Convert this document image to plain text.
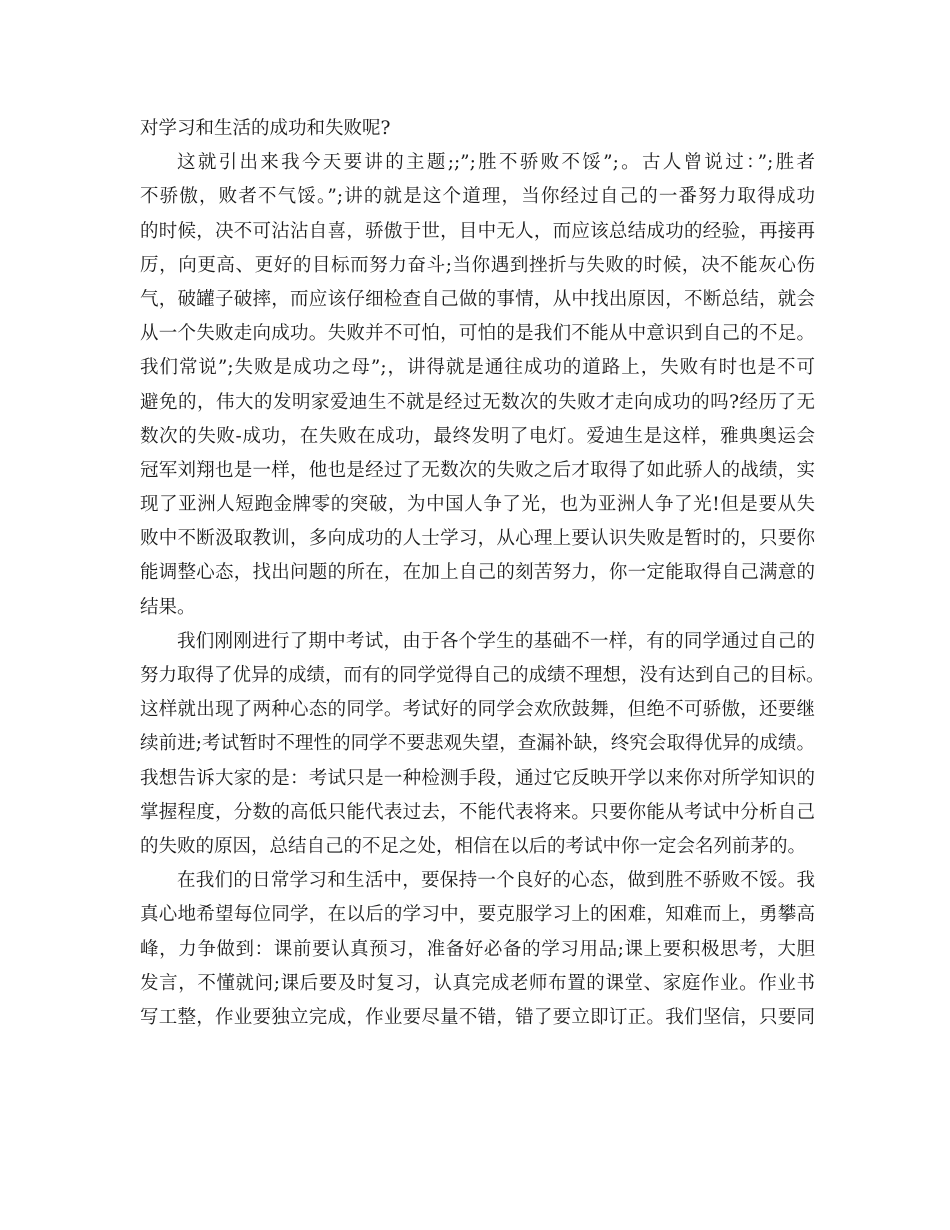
对学习和生活的成功和失败呢?
这就引出来我今天要讲的主题;;”;胜不骄败不馁”;。古人曾说过：”;胜者
不骄傲，败者不气馁。”;讲的就是这个道理，当你经过自己的一番努力取得成功
的时候，决不可沾沾自喜，骄傲于世，目中无人，而应该总结成功的经验，再接再
厉，向更高、更好的目标而努力奋斗;当你遇到挫折与失败的时候，决不能灰心伤
气，破罐子破摔，而应该仔细检查自己做的事情，从中找出原因，不断总结，就会
从一个失败走向成功。失败并不可怕，可怕的是我们不能从中意识到自己的不足。
我们常说”;失败是成功之母”;，讲得就是通往成功的道路上，失败有时也是不可
避免的，伟大的发明家爱迪生不就是经过无数次的失败才走向成功的吗?经历了无
数次的失败-成功，在失败在成功，最终发明了电灯。爱迪生是这样，雅典奥运会
冠军刘翔也是一样，他也是经过了无数次的失败之后才取得了如此骄人的战绩，实
现了亚洲人短跑金牌零的突破，为中国人争了光，也为亚洲人争了光!但是要从失
败中不断汲取教训，多向成功的人士学习，从心理上要认识失败是暂时的，只要你
能调整心态，找出问题的所在，在加上自己的刻苦努力，你一定能取得自己满意的
结果。
我们刚刚进行了期中考试，由于各个学生的基础不一样，有的同学通过自己的
努力取得了优异的成绩，而有的同学觉得自己的成绩不理想，没有达到自己的目标。
这样就出现了两种心态的同学。考试好的同学会欢欣鼓舞，但绝不可骄傲，还要继
续前进;考试暂时不理性的同学不要悲观失望，查漏补缺，终究会取得优异的成绩。
我想告诉大家的是：考试只是一种检测手段，通过它反映开学以来你对所学知识的
掌握程度，分数的高低只能代表过去，不能代表将来。只要你能从考试中分析自己
的失败的原因，总结自己的不足之处，相信在以后的考试中你一定会名列前茅的。
在我们的日常学习和生活中，要保持一个良好的心态，做到胜不骄败不馁。我
真心地希望每位同学，在以后的学习中，要克服学习上的困难，知难而上，勇攀高
峰，力争做到：课前要认真预习，准备好必备的学习用品;课上要积极思考，大胆
发言，不懂就问;课后要及时复习，认真完成老师布置的课堂、家庭作业。作业书
写工整，作业要独立完成，作业要尽量不错，错了要立即订正。我们坚信，只要同
